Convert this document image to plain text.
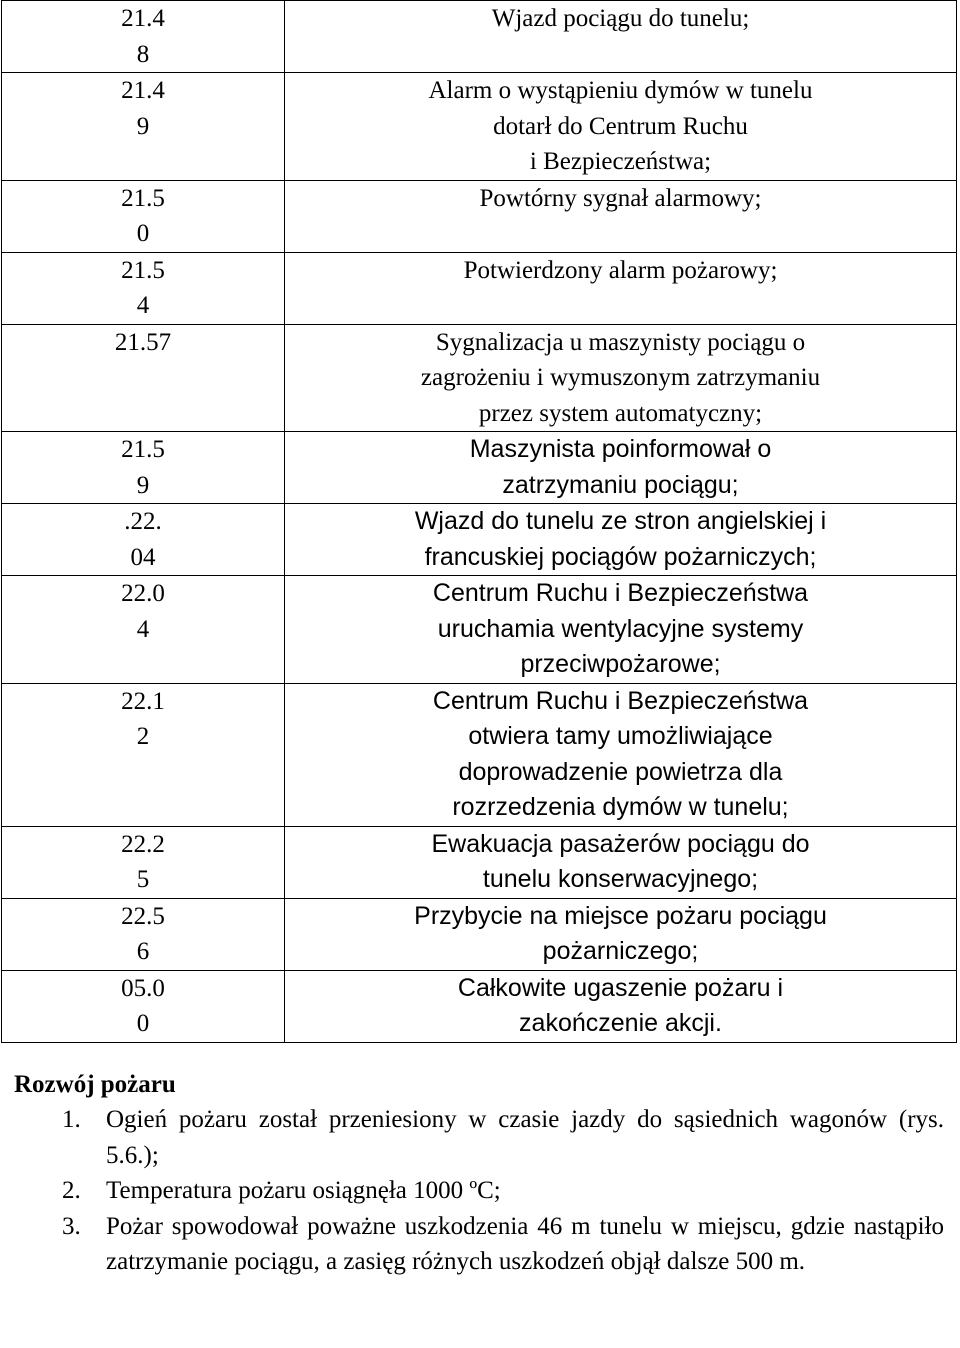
21.4
8	Wjazd pociągu do tunelu;

21.4
9	Alarm o wystąpieniu dymów w tunelu
dotarł do Centrum Ruchu
i Bezpieczeństwa;

21.5
0	Powtórny sygnał alarmowy;

21.5
4	Potwierdzony alarm pożarowy;

21.57	Sygnalizacja u maszynisty pociągu o
zagrożeniu i wymuszonym zatrzymaniu
przez system automatyczny;

21.5
9	Maszynista poinformował o
zatrzymaniu pociągu;

.22.
04	Wjazd do tunelu ze stron angielskiej i
francuskiej pociągów pożarniczych;

22.0
4	Centrum Ruchu i Bezpieczeństwa
uruchamia wentylacyjne systemy
przeciwpożarowe;

22.1
2	Centrum Ruchu i Bezpieczeństwa
otwiera tamy umożliwiające
doprowadzenie powietrza dla
rozrzedzenia dymów w tunelu;

22.2
5	Ewakuacja pasażerów pociągu do
tunelu konserwacyjnego;

22.5
6	Przybycie na miejsce pożaru pociągu
pożarniczego;

05.0
0	Całkowite ugaszenie pożaru i
zakończenie akcji.
Rozwój pożaru
1. Ogień pożaru został przeniesiony w czasie jazdy do sąsiednich wagonów (rys. 5.6.);
2. Temperatura pożaru osiągnęła 1000 ºC;
3. Pożar spowodował poważne uszkodzenia 46 m tunelu w miejscu, gdzie nastąpiło zatrzymanie pociągu, a zasięg różnych uszkodzeń objął dalsze 500 m.
